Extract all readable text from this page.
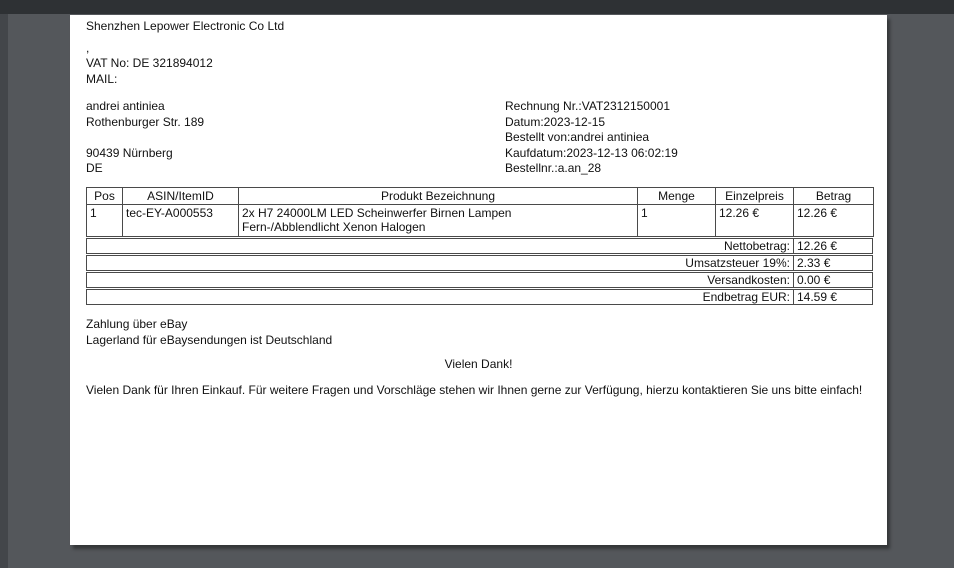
Shenzhen Lepower Electronic Co Ltd
,
VAT No: DE 321894012
MAIL:
andrei antiniea
Rothenburger Str. 189
90439 Nürnberg
DE
Rechnung Nr.:VAT2312150001
Datum:2023-12-15
Bestellt von:andrei antiniea
Kaufdatum:2023-12-13 06:02:19
Bestellnr.:a.an_28
Pos	ASIN/ItemID	Produkt Bezeichnung	Menge	Einzelpreis	Betrag
1	tec-EY-A000553	2x H7 24000LM LED Scheinwerfer Birnen Lampen
Fern-/Abblendlicht Xenon Halogen	1	12.26 €	12.26 €
Nettobetrag: 12.26 €
Umsatzsteuer 19%: 2.33 €
Versandkosten: 0.00 €
Endbetrag EUR: 14.59 €
Zahlung über eBay
Lagerland für eBaysendungen ist Deutschland
Vielen Dank!
Vielen Dank für Ihren Einkauf. Für weitere Fragen und Vorschläge stehen wir Ihnen gerne zur Verfügung, hierzu kontaktieren Sie uns bitte einfach!
